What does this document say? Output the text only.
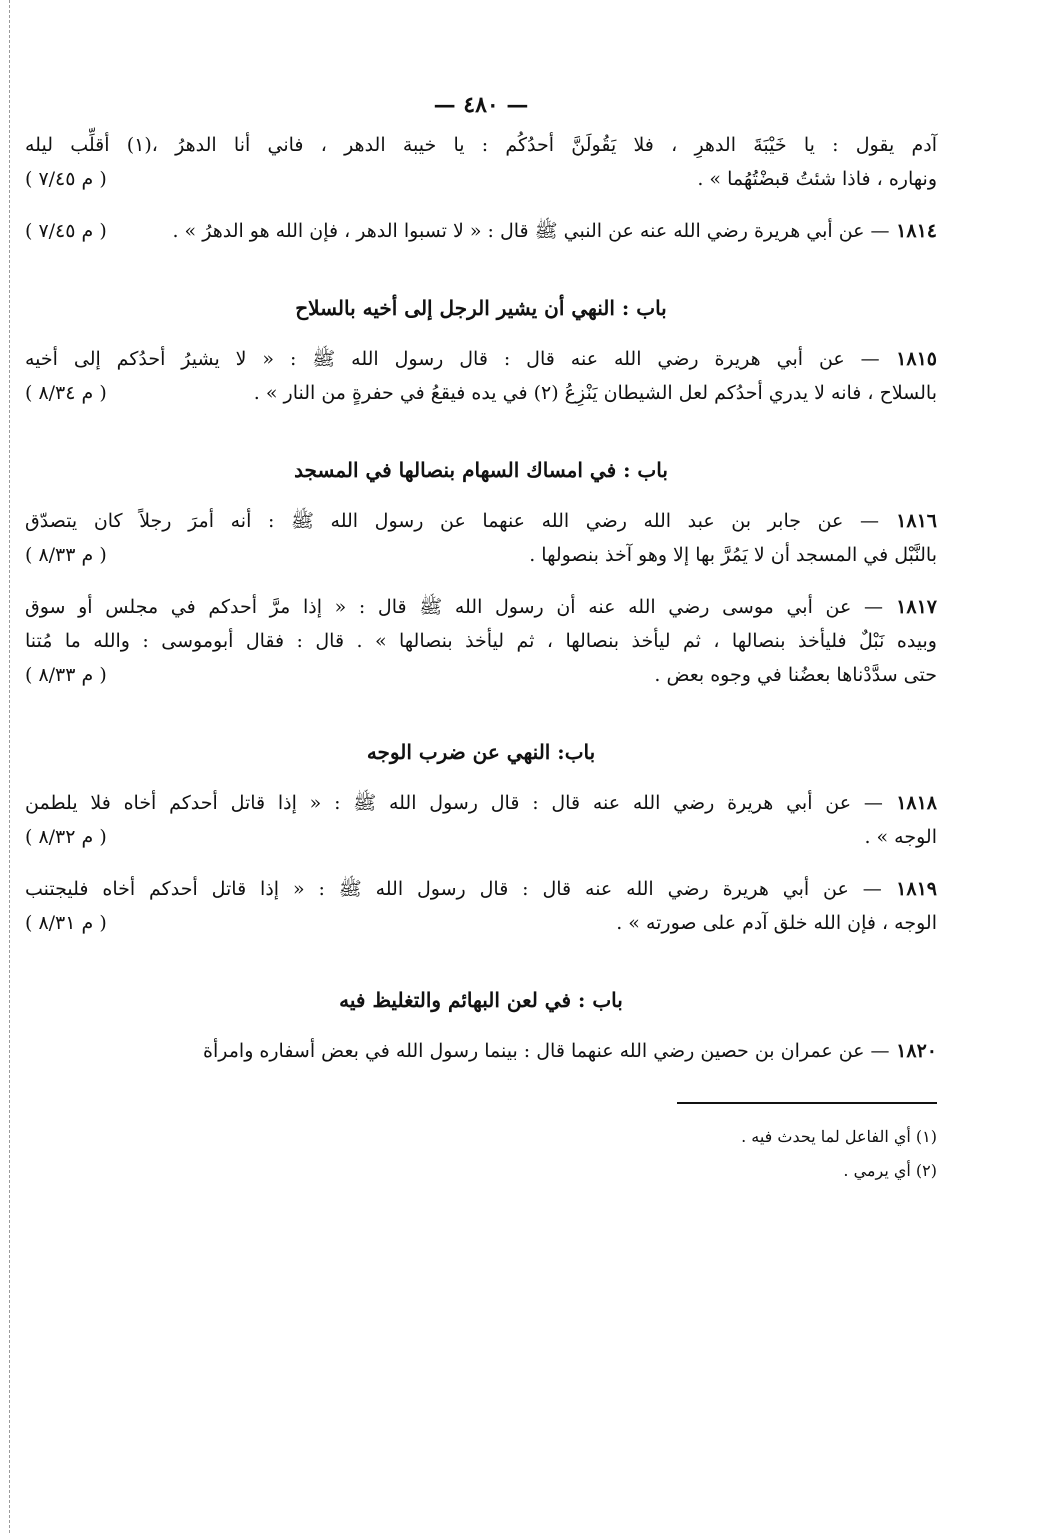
— ٤٨٠ —
آدم يقول : يا خَيْبَةَ الدهرِ ، فلا يَقُولَنَّ أحدُكُم : يا خيبة الدهر ، فاني أنا الدهرُ ،(١) أقلِّب ليله
ونهاره ، فاذا شئتُ قبضْتُهُما » .
( م ٧/٤٥ )
١٨١٤ — عن أبي هريرة رضي الله عنه عن النبي ﷺ قال : « لا تسبوا الدهر ، فإن الله هو الدهرُ » .
( م ٧/٤٥ )
باب : النهي أن يشير الرجل إلى أخيه بالسلاح
١٨١٥ — عن أبي هريرة رضي الله عنه قال : قال رسول الله ﷺ : « لا يشيرُ أحدُكم إلى أخيه
بالسلاح ، فانه لا يدري أحدُكم لعل الشيطان يَنْزِعُ (٢) في يده فيقعُ في حفرةٍ من النار » .
( م ٨/٣٤ )
باب : في امساك السهام بنصالها في المسجد
١٨١٦ — عن جابر بن عبد الله رضي الله عنهما عن رسول الله ﷺ : أنه أمرَ رجلاً كان يتصدّق
بالنَّبْل في المسجد أن لا يَمُرَّ بها إلا وهو آخذ بنصولها .
( م ٨/٣٣ )
١٨١٧ — عن أبي موسى رضي الله عنه أن رسول الله ﷺ قال : « إذا مرَّ أحدكم في مجلس أو سوق
وبيده نَبْلٌ فليأخذ بنصالها ، ثم ليأخذ بنصالها ، ثم ليأخذ بنصالها » . قال : فقال أبوموسى : والله ما مُتنا
حتى سدَّدْناها بعضُنا في وجوه بعض .
( م ٨/٣٣ )
باب: النهي عن ضرب الوجه
١٨١٨ — عن أبي هريرة رضي الله عنه قال : قال رسول الله ﷺ : « إذا قاتل أحدكم أخاه فلا يلطمن
الوجه » .
( م ٨/٣٢ )
١٨١٩ — عن أبي هريرة رضي الله عنه قال : قال رسول الله ﷺ : « إذا قاتل أحدكم أخاه فليجتنب
الوجه ، فإن الله خلق آدم على صورته » .
( م ٨/٣١ )
باب : في لعن البهائم والتغليظ فيه
١٨٢٠ — عن عمران بن حصين رضي الله عنهما قال : بينما رسول الله في بعض أسفاره وامرأة
(١) أي الفاعل لما يحدث فيه .
(٢) أي يرمي .
